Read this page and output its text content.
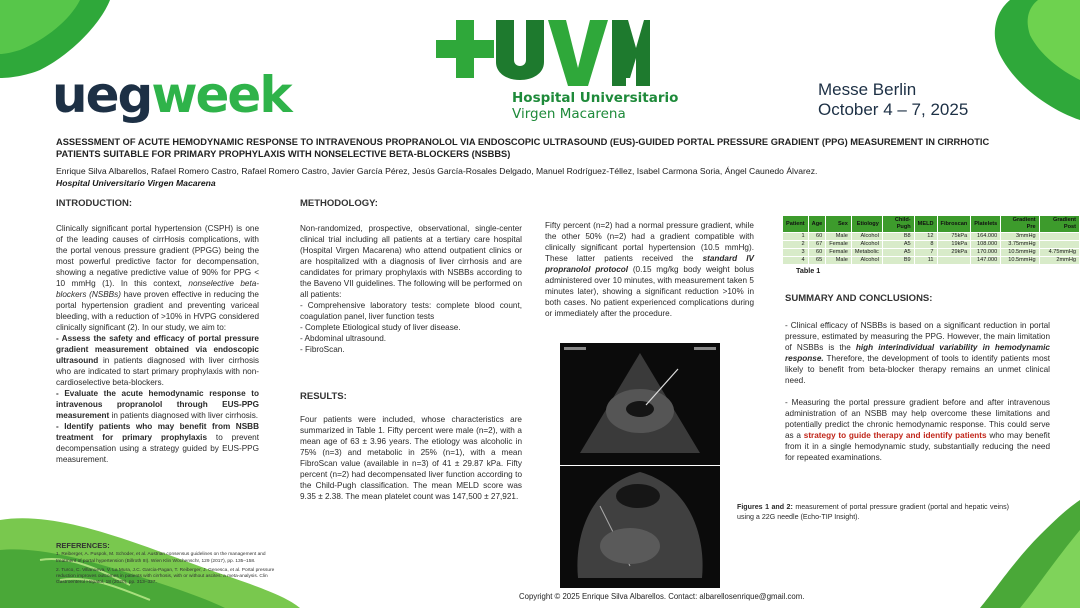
uegweek	Hospital Universitario
Virgen Macarena
Messe Berlin
October 4 – 7, 2025
ASSESSMENT OF ACUTE HEMODYNAMIC RESPONSE TO INTRAVENOUS PROPRANOLOL VIA ENDOSCOPIC ULTRASOUND (EUS)-GUIDED PORTAL PRESSURE GRADIENT (PPG) MEASUREMENT IN CIRRHOTIC PATIENTS SUITABLE FOR PRIMARY PROPHYLAXIS WITH NONSELECTIVE BETA-BLOCKERS (NSBBS)
Enrique Silva Albarellos, Rafael Romero Castro, Rafael Romero Castro, Javier García Pérez, Jesús García-Rosales Delgado, Manuel Rodríguez-Téllez, Isabel Carmona Soria, Ángel Caunedo Álvarez.
Hospital Universitario Virgen Macarena
INTRODUCTION:
Clinically significant portal hypertension (CSPH) is one of the leading causes of cirrHosis complications, with the portal venous pressure gradient (PPGG) being the most powerful predictive factor for decompensation, showing a negative predictive value of 90% for PPG < 10 mmHg (1). In this context, nonselective beta-blockers (NSBBs) have proven effective in reducing the portal hypertension gradient and preventing variceal bleeding, with a reduction of >10% in HVPG considered clinically significant (2). In our study, we aim to:
- Assess the safety and efficacy of portal pressure gradient measurement obtained via endoscopic ultrasound in patients diagnosed with liver cirrhosis who are indicated to start primary prophylaxis with non-cardioselective beta-blockers.
- Evaluate the acute hemodynamic response to intravenous propranolol through EUS-PPG measurement in patients diagnosed with liver cirrhosis.
- Identify patients who may benefit from NSBB treatment for primary prophylaxis to prevent decompensation using a strategy guided by EUS-PPG measurement.
REFERENCES:

1. Reiberger, A. Puspok, M. Schoder, et al. Austrian consensus guidelines on the management and treatment of portal hypertension (Billroth III). Wien Klin Wochenschr, 129 (2017), pp. 135–158.

2. Turco, C. Villanueva, V. La Mura, J.C. Garcia-Pagan, T. Reiberger, J. Genesca, et al. Portal pressure reduction improves outcomes in patients with cirrhosis, with or without ascites: a meta-analysis. Clin Gastroenterol Hepatol, 18 (2020), pp. 313–327.

METHODOLOGY:
Non-randomized, prospective, observational, single-center clinical trial including all patients at a tertiary care hospital (Hospital Virgen Macarena) who attend outpatient clinics or are hospitalized with a diagnosis of liver cirrhosis and are candidates for primary prophylaxis with NSBBs according to the Baveno VII guidelines. The following will be performed on all patients:
- Comprehensive laboratory tests: complete blood count, coagulation panel, liver function tests
- Complete Etiological study of liver disease.
- Abdominal ultrasound.
- FibroScan.
RESULTS:
Four patients were included, whose characteristics are summarized in Table 1. Fifty percent were male (n=2), with a mean age of 63 ± 3.96 years. The etiology was alcoholic in 75% (n=3) and metabolic in 25% (n=1), with a mean FibroScan value (available in n=3) of 41 ± 29.87 kPa. Fifty percent (n=2) had decompensated liver function according to the Child-Pugh classification. The mean MELD score was 9.35 ± 2.38. The mean platelet count was 147,500 ± 27,921.
Fifty percent (n=2) had a normal pressure gradient, while the other 50% (n=2) had a gradient compatible with clinically significant portal hypertension (10.5 mmHg). These latter patients received the standard IV propranolol protocol (0.15 mg/kg body weight bolus administered over 10 minutes, with measurement taken 5 minutes later), showing a significant reduction >10% in both cases. No patient experienced complications during or immediately after the procedure.
Patient	Age	Sex	Etiology	Child-Pugh	MELD	Fibroscan	Platelets	Gradient Pre	Gradient Post
1	60	Male	Alcohol	B8	12	75kPa	164.000	3mmHg	
2	67	Female	Alcohol	A5	8	19kPa	108.000	3.75mmHg	
3	60	Female	Metabolic	A5	7	29kPa	170.000	10.5mmHg	4.75mmHg
4	65	Male	Alcohol	B9	11		147.000	10.5mmHg	2mmHg
Table 1
SUMMARY AND CONCLUSIONS:
- Clinical efficacy of NSBBs is based on a significant reduction in portal pressure, estimated by measuring the PPG. However, the main limitation of NSBBs is the high interindividual variability in hemodynamic response. Therefore, the development of tools to identify patients most likely to benefit from beta-blocker therapy remains an unmet clinical need.

- Measuring the portal pressure gradient before and after intravenous administration of an NSBB may help overcome these limitations and potentially predict the chronic hemodynamic response. This could serve as a strategy to guide therapy and identify patients who may benefit from it in a single hemodynamic study, substantially reducing the need for repeated examinations.
Figures 1 and 2: measurement of portal pressure gradient (portal and hepatic veins) using a 22G needle (Echo-TIP Insight).
Copyright © 2025 Enrique Silva Albarellos. Contact: albarellosenrique@gmail.com.
